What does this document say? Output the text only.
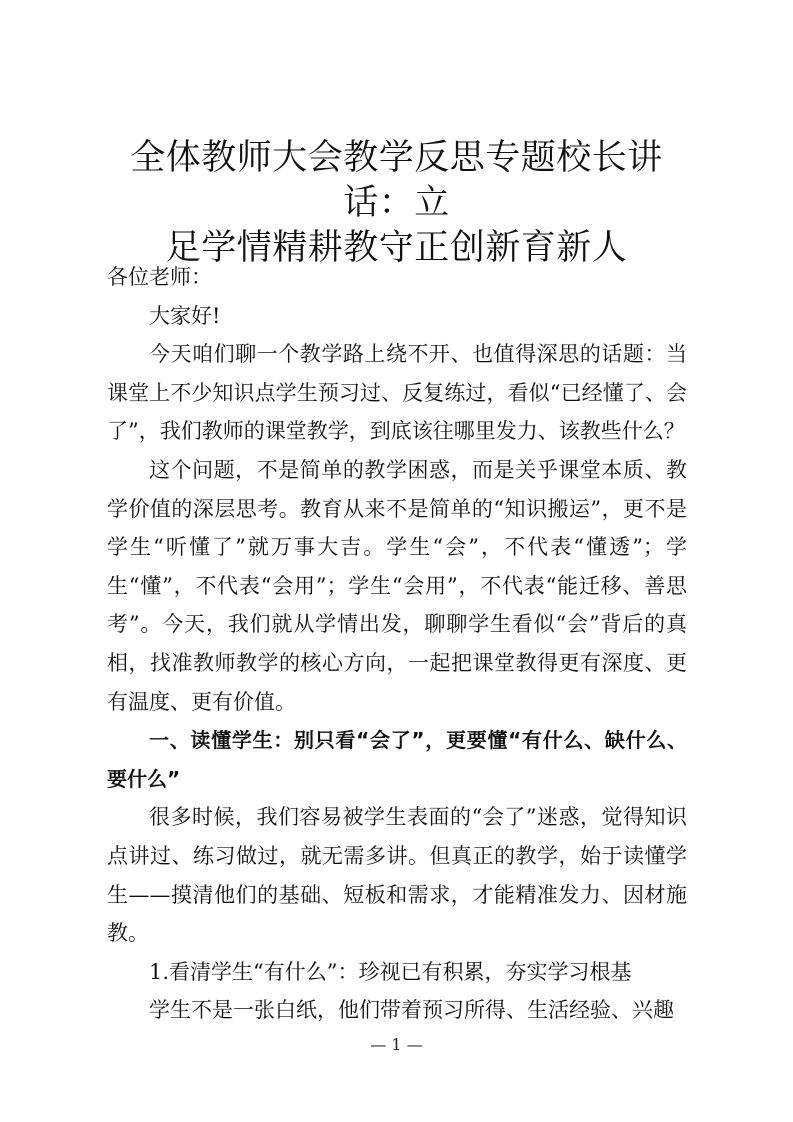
全体教师大会教学反思专题校长讲话：立
足学情精耕教守正创新育新人

各位老师：

大家好!

今天咱们聊一个教学路上绕不开、也值得深思的话题：当课堂上不少知识点学生预习过、反复练过，看似“已经懂了、会了”，我们教师的课堂教学，到底该往哪里发力、该教些什么？

这个问题，不是简单的教学困惑，而是关乎课堂本质、教学价值的深层思考。教育从来不是简单的“知识搬运”，更不是学生“听懂了”就万事大吉。学生“会”，不代表“懂透”；学生“懂”，不代表“会用”；学生“会用”，不代表“能迁移、善思考”。今天，我们就从学情出发，聊聊学生看似“会”背后的真相，找准教师教学的核心方向，一起把课堂教得更有深度、更有温度、更有价值。

一、读懂学生：别只看“会了”，更要懂“有什么、缺什么、要什么”

很多时候，我们容易被学生表面的“会了”迷惑，觉得知识点讲过、练习做过，就无需多讲。但真正的教学，始于读懂学生——摸清他们的基础、短板和需求，才能精准发力、因材施教。

1.看清学生“有什么”：珍视已有积累，夯实学习根基

学生不是一张白纸，他们带着预习所得、生活经验、兴趣

— 1 —
